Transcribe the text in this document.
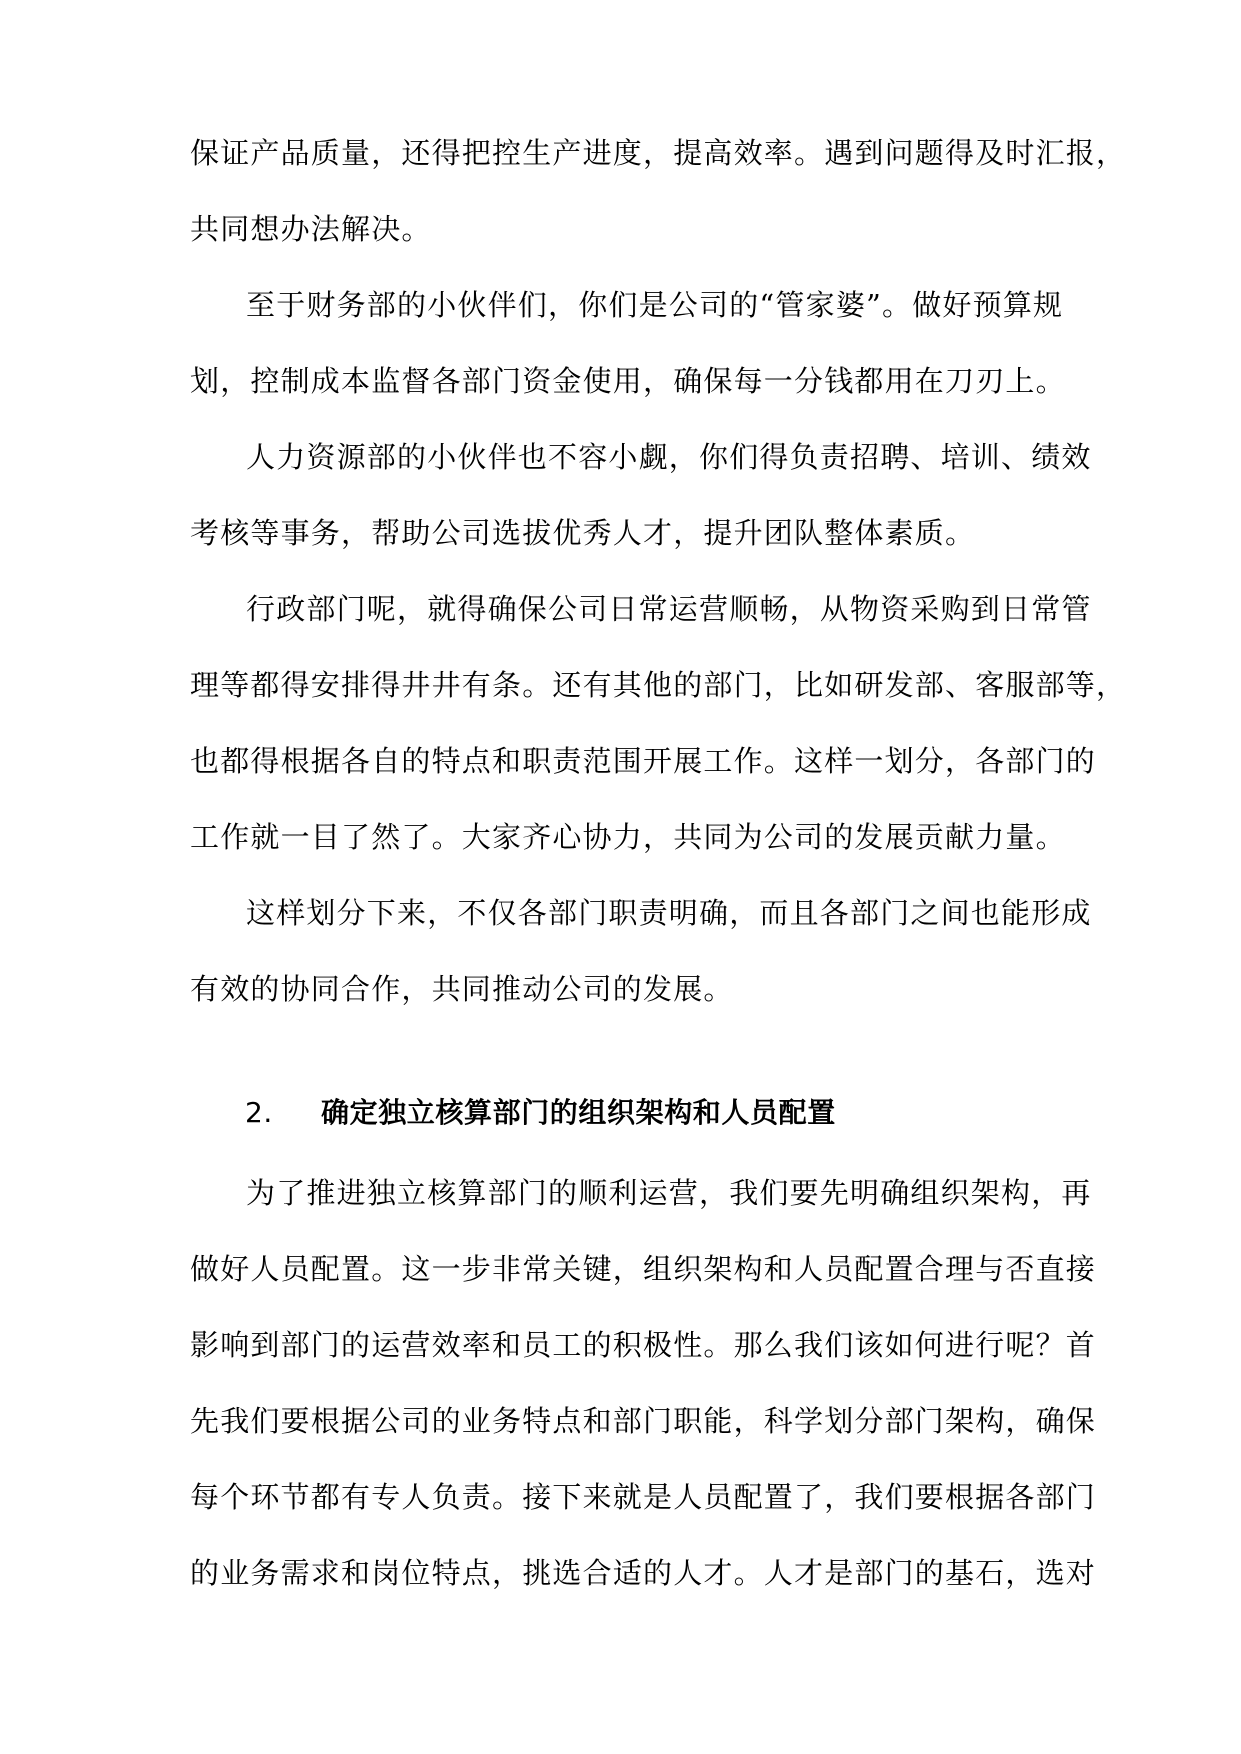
保证产品质量，还得把控生产进度，提高效率。遇到问题得及时汇报，
共同想办法解决。
至于财务部的小伙伴们，你们是公司的“管家婆”。做好预算规
划，控制成本监督各部门资金使用，确保每一分钱都用在刀刃上。
人力资源部的小伙伴也不容小觑，你们得负责招聘、培训、绩效
考核等事务，帮助公司选拔优秀人才，提升团队整体素质。
行政部门呢，就得确保公司日常运营顺畅，从物资采购到日常管
理等都得安排得井井有条。还有其他的部门，比如研发部、客服部等，
也都得根据各自的特点和职责范围开展工作。这样一划分，各部门的
工作就一目了然了。大家齐心协力，共同为公司的发展贡献力量。
这样划分下来，不仅各部门职责明确，而且各部门之间也能形成
有效的协同合作，共同推动公司的发展。
2. 确定独立核算部门的组织架构和人员配置
为了推进独立核算部门的顺利运营，我们要先明确组织架构，再
做好人员配置。这一步非常关键，组织架构和人员配置合理与否直接
影响到部门的运营效率和员工的积极性。那么我们该如何进行呢？首
先我们要根据公司的业务特点和部门职能，科学划分部门架构，确保
每个环节都有专人负责。接下来就是人员配置了，我们要根据各部门
的业务需求和岗位特点，挑选合适的人才。人才是部门的基石，选对
